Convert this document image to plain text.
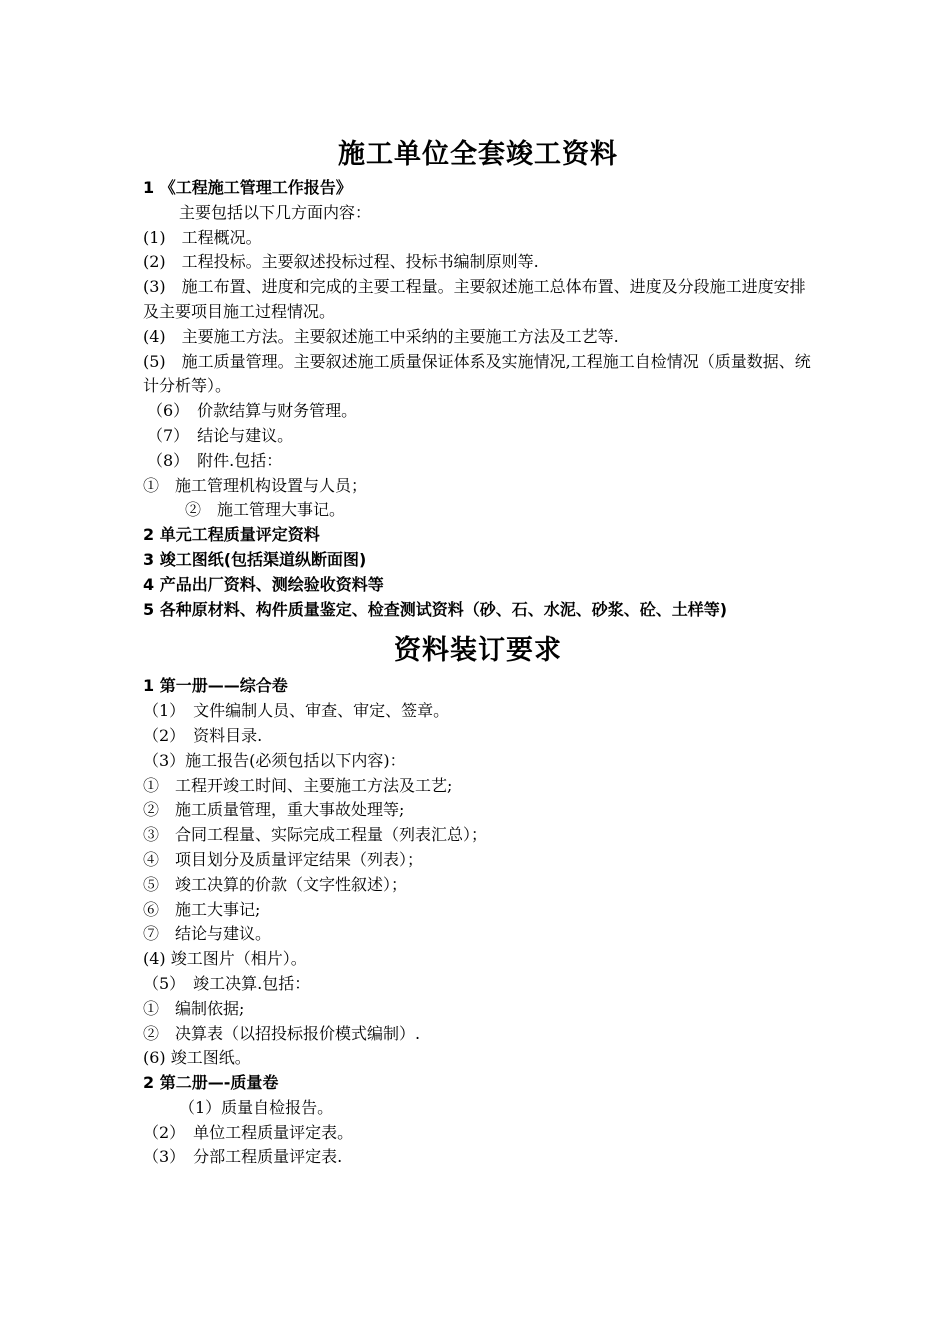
施工单位全套竣工资料
1 《工程施工管理工作报告》
主要包括以下几方面内容：
(1)　工程概况。
(2)　工程投标。主要叙述投标过程、投标书编制原则等.
(3)　施工布置、进度和完成的主要工程量。主要叙述施工总体布置、进度及分段施工进度安排及主要项目施工过程情况。
(4)　主要施工方法。主要叙述施工中采纳的主要施工方法及工艺等.
(5)　施工质量管理。主要叙述施工质量保证体系及实施情况,工程施工自检情况（质量数据、统计分析等）。
（6）　价款结算与财务管理。
（7）　结论与建议。
（8）　附件.包括：
①　施工管理机构设置与人员；
②　施工管理大事记。
2 单元工程质量评定资料
3 竣工图纸(包括渠道纵断面图)
4 产品出厂资料、测绘验收资料等
5 各种原材料、构件质量鉴定、检查测试资料（砂、石、水泥、砂浆、砼、土样等)
资料装订要求
1 第一册——综合卷
（1）　文件编制人员、审查、审定、签章。
（2）　资料目录.
（3）施工报告(必须包括以下内容)：
①　工程开竣工时间、主要施工方法及工艺;
②　施工质量管理，重大事故处理等;
③　合同工程量、实际完成工程量（列表汇总）；
④　项目划分及质量评定结果（列表）；
⑤　竣工决算的价款（文字性叙述）；
⑥　施工大事记;
⑦　结论与建议。
(4) 竣工图片（相片）。
（5）　竣工决算.包括：
①　编制依据;
②　决算表（以招投标报价模式编制）.
(6) 竣工图纸。
2 第二册—-质量卷
（1）质量自检报告。
（2）　单位工程质量评定表。
（3）　分部工程质量评定表.
